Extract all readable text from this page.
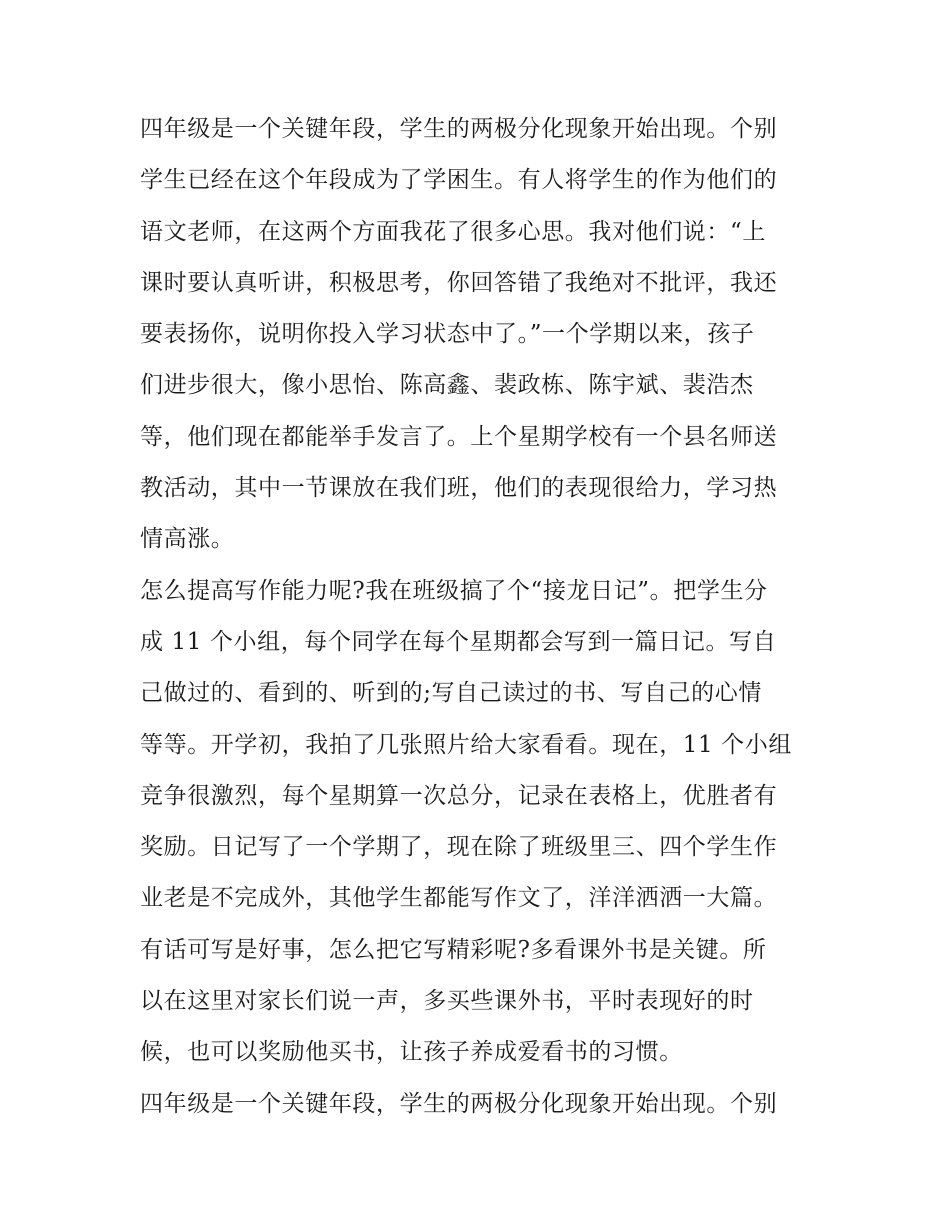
四年级是一个关键年段，学生的两极分化现象开始出现。个别
学生已经在这个年段成为了学困生。有人将学生的作为他们的
语文老师，在这两个方面我花了很多心思。我对他们说：“上
课时要认真听讲，积极思考，你回答错了我绝对不批评，我还
要表扬你，说明你投入学习状态中了。”一个学期以来，孩子
们进步很大，像小思怡、陈高鑫、裴政栋、陈宇斌、裴浩杰
等，他们现在都能举手发言了。上个星期学校有一个县名师送
教活动，其中一节课放在我们班，他们的表现很给力，学习热
情高涨。

怎么提高写作能力呢?我在班级搞了个“接龙日记”。把学生分
成 11 个小组，每个同学在每个星期都会写到一篇日记。写自
己做过的、看到的、听到的;写自己读过的书、写自己的心情
等等。开学初，我拍了几张照片给大家看看。现在，11 个小组
竞争很激烈，每个星期算一次总分，记录在表格上，优胜者有
奖励。日记写了一个学期了，现在除了班级里三、四个学生作
业老是不完成外，其他学生都能写作文了，洋洋洒洒一大篇。
有话可写是好事，怎么把它写精彩呢?多看课外书是关键。所
以在这里对家长们说一声，多买些课外书，平时表现好的时
候，也可以奖励他买书，让孩子养成爱看书的习惯。

四年级是一个关键年段，学生的两极分化现象开始出现。个别
